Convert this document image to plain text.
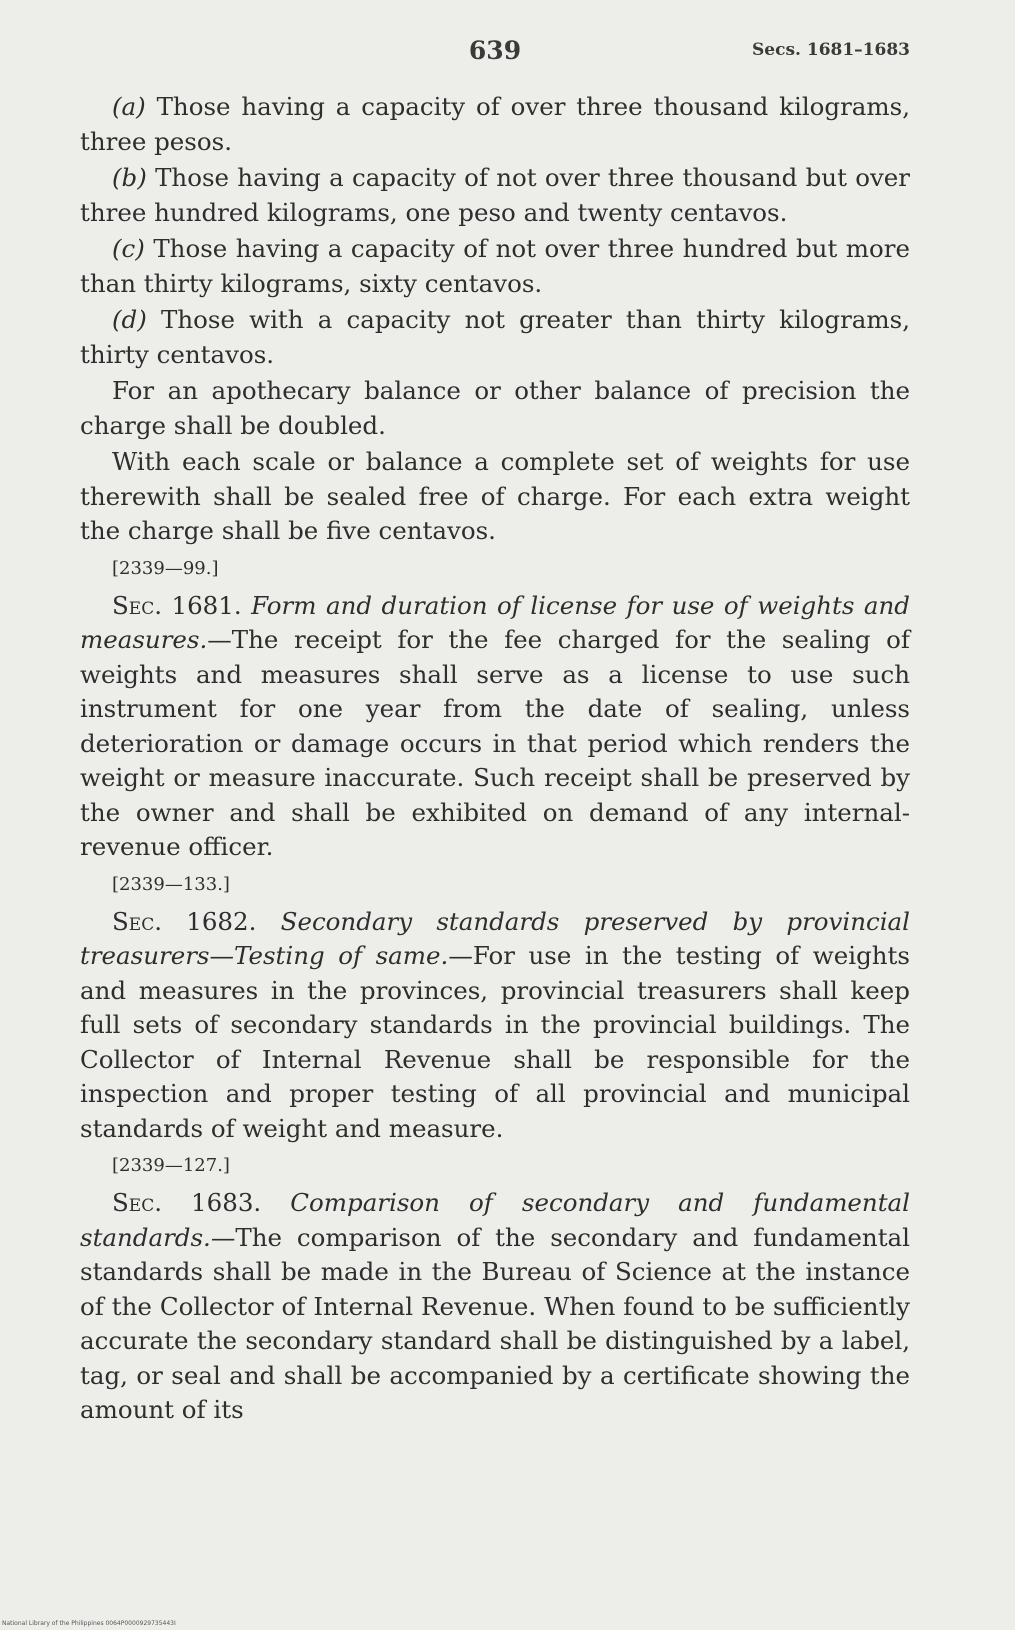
639	Secs. 1681–1683

(a) Those having a capacity of over three thousand kilograms, three pesos.

(b) Those having a capacity of not over three thousand but over three hundred kilograms, one peso and twenty centavos.

(c) Those having a capacity of not over three hundred but more than thirty kilograms, sixty centavos.

(d) Those with a capacity not greater than thirty kilograms, thirty centavos.

For an apothecary balance or other balance of precision the charge shall be doubled.

With each scale or balance a complete set of weights for use therewith shall be sealed free of charge. For each extra weight the charge shall be five centavos.

[2339—99.]

Sec. 1681. Form and duration of license for use of weights and measures.—The receipt for the fee charged for the sealing of weights and measures shall serve as a license to use such instrument for one year from the date of sealing, unless deterioration or damage occurs in that period which renders the weight or measure inaccurate. Such receipt shall be preserved by the owner and shall be exhibited on demand of any internal-revenue officer.

[2339—133.]

Sec. 1682. Secondary standards preserved by provincial treasurers—Testing of same.—For use in the testing of weights and measures in the provinces, provincial treasurers shall keep full sets of secondary standards in the provincial buildings. The Collector of Internal Revenue shall be responsible for the inspection and proper testing of all provincial and municipal standards of weight and measure.

[2339—127.]

Sec. 1683. Comparison of secondary and fundamental standards.—The comparison of the secondary and fundamental standards shall be made in the Bureau of Science at the instance of the Collector of Internal Revenue. When found to be sufficiently accurate the secondary standard shall be distinguished by a label, tag, or seal and shall be accompanied by a certificate showing the amount of its

National Library of the Philippines 0064P0000929735443I
